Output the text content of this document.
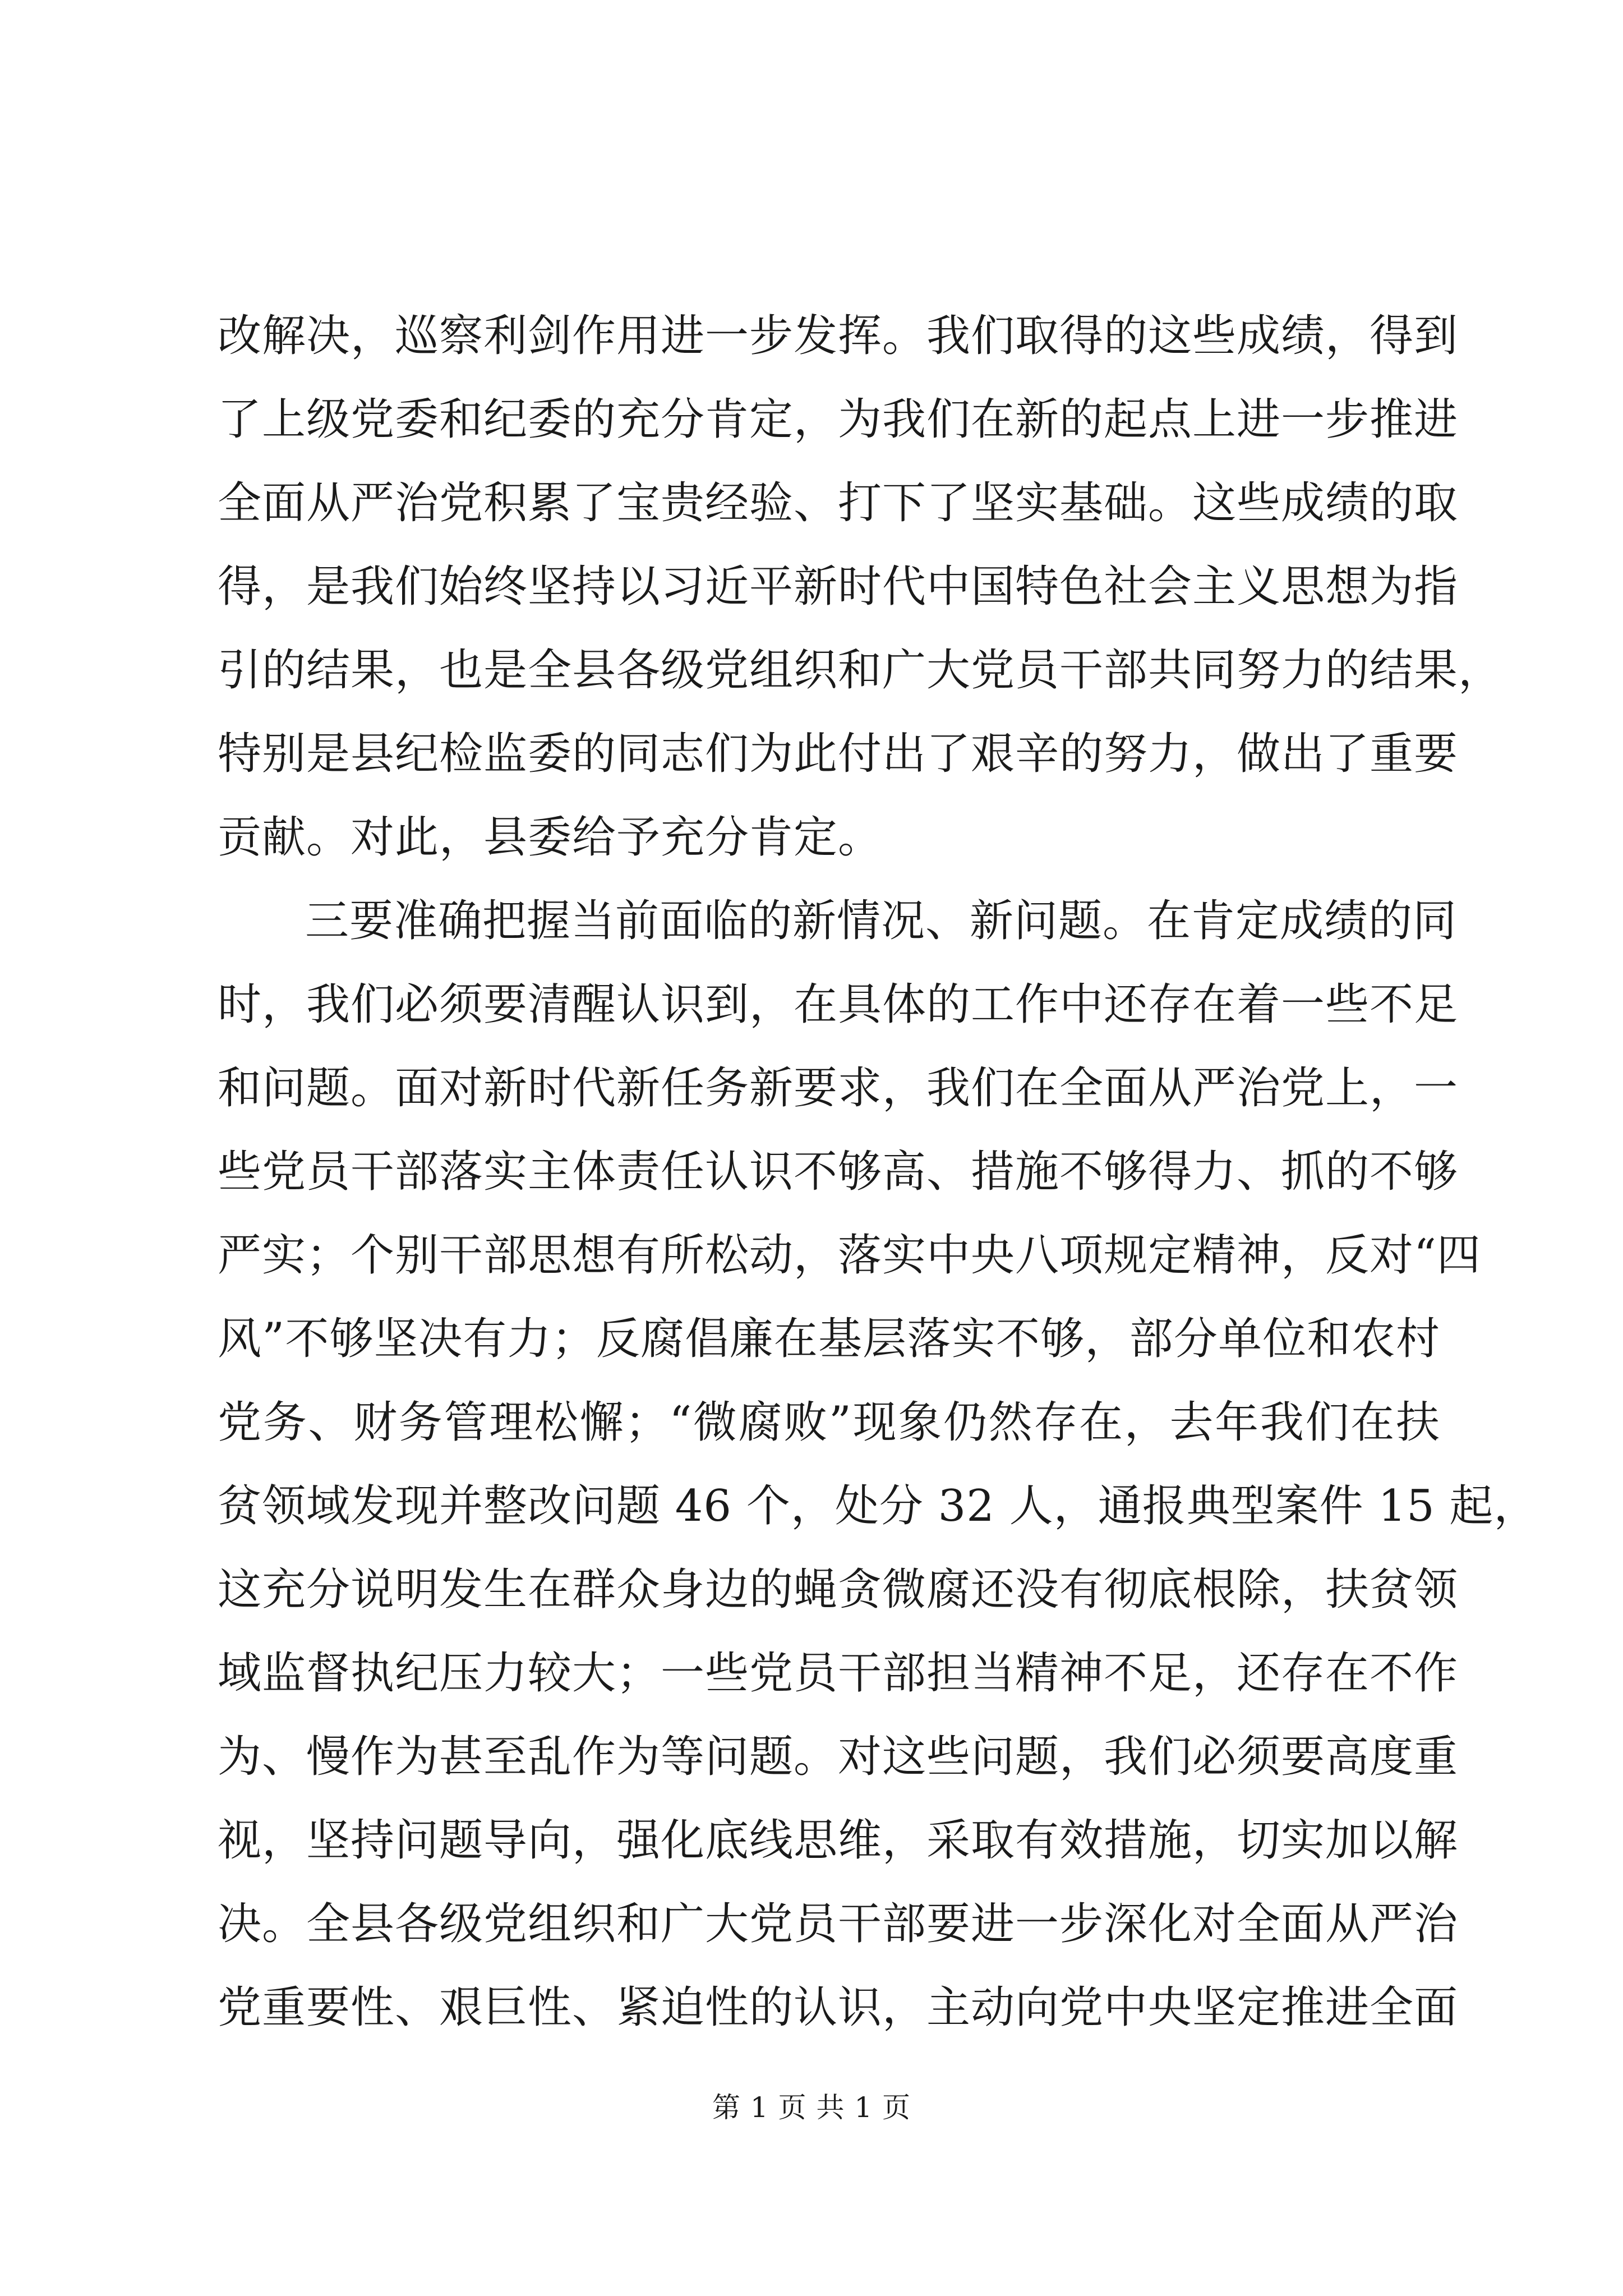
改解决，巡察利剑作用进一步发挥。我们取得的这些成绩，得到
了上级党委和纪委的充分肯定，为我们在新的起点上进一步推进
全面从严治党积累了宝贵经验、打下了坚实基础。这些成绩的取
得，是我们始终坚持以习近平新时代中国特色社会主义思想为指
引的结果，也是全县各级党组织和广大党员干部共同努力的结果，
特别是县纪检监委的同志们为此付出了艰辛的努力，做出了重要
贡献。对此，县委给予充分肯定。
三要准确把握当前面临的新情况、新问题。在肯定成绩的同
时，我们必须要清醒认识到，在具体的工作中还存在着一些不足
和问题。面对新时代新任务新要求，我们在全面从严治党上，一
些党员干部落实主体责任认识不够高、措施不够得力、抓的不够
严实；个别干部思想有所松动，落实中央八项规定精神，反对“四
风”不够坚决有力；反腐倡廉在基层落实不够，部分单位和农村
党务、财务管理松懈；“微腐败”现象仍然存在，去年我们在扶
贫领域发现并整改问题 46 个，处分 32 人，通报典型案件 15 起，
这充分说明发生在群众身边的蝇贪微腐还没有彻底根除，扶贫领
域监督执纪压力较大；一些党员干部担当精神不足，还存在不作
为、慢作为甚至乱作为等问题。对这些问题，我们必须要高度重
视，坚持问题导向，强化底线思维，采取有效措施，切实加以解
决。全县各级党组织和广大党员干部要进一步深化对全面从严治
党重要性、艰巨性、紧迫性的认识，主动向党中央坚定推进全面
第 1 页 共 1 页
